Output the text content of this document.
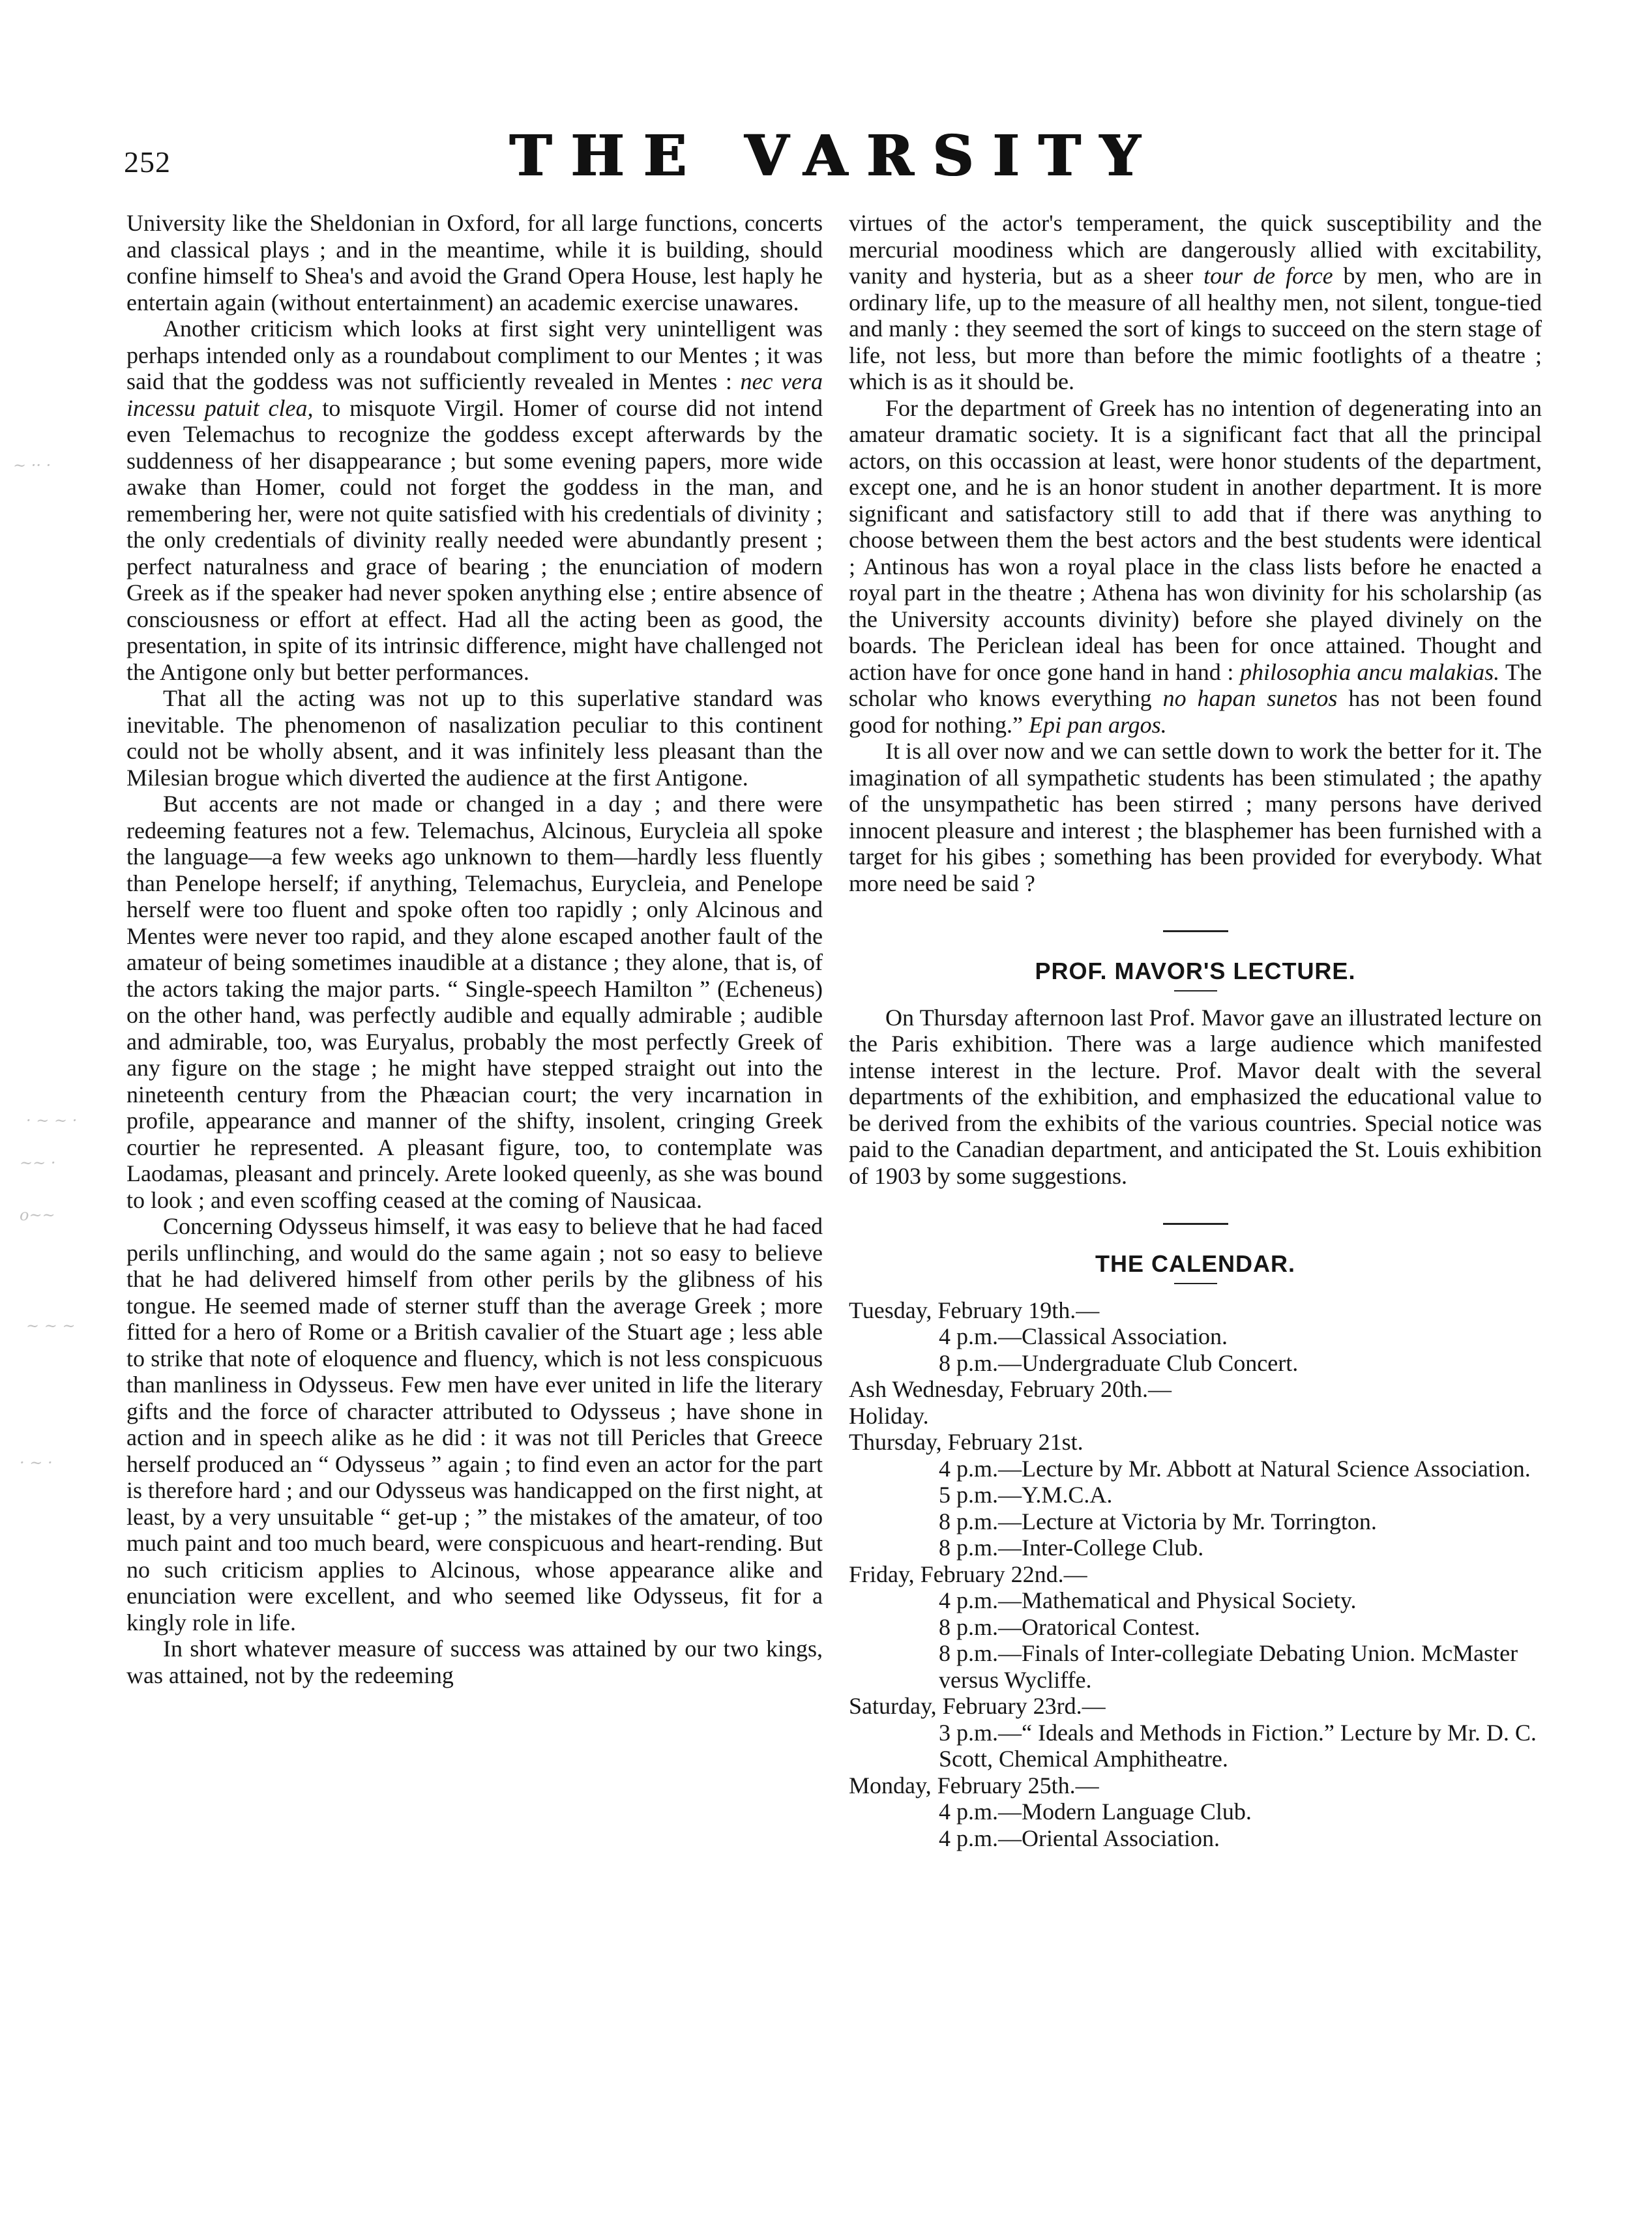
252	THE VARSITY
~ ·· ·
· ~ ~ ·
~~ ·
o~~
~ ~ ~
· ~ ·

University like the Sheldonian in Oxford, for all large functions, concerts and classical plays ; and in the meantime, while it is building, should confine himself to Shea's and avoid the Grand Opera House, lest haply he entertain again (without entertainment) an academic exercise unawares.

Another criticism which looks at first sight very unintelligent was perhaps intended only as a roundabout compliment to our Mentes ; it was said that the goddess was not sufficiently revealed in Mentes : nec vera incessu patuit clea, to misquote Virgil. Homer of course did not intend even Telemachus to recognize the goddess except afterwards by the suddenness of her disappearance ; but some evening papers, more wide awake than Homer, could not forget the goddess in the man, and remembering her, were not quite satisfied with his credentials of divinity ; the only credentials of divinity really needed were abundantly present ; perfect naturalness and grace of bearing ; the enunciation of modern Greek as if the speaker had never spoken anything else ; entire absence of consciousness or effort at effect. Had all the acting been as good, the presentation, in spite of its intrinsic difference, might have challenged not the Antigone only but better performances.

That all the acting was not up to this superlative standard was inevitable. The phenomenon of nasalization peculiar to this continent could not be wholly absent, and it was infinitely less pleasant than the Milesian brogue which diverted the audience at the first Antigone.

But accents are not made or changed in a day ; and there were redeeming features not a few. Telemachus, Alcinous, Eurycleia all spoke the language—a few weeks ago unknown to them—hardly less fluently than Penelope herself; if anything, Telemachus, Eurycleia, and Penelope herself were too fluent and spoke often too rapidly ; only Alcinous and Mentes were never too rapid, and they alone escaped another fault of the amateur of being sometimes inaudible at a distance ; they alone, that is, of the actors taking the major parts. “ Single-speech Hamilton ” (Echeneus) on the other hand, was perfectly audible and equally admirable ; audible and admirable, too, was Euryalus, probably the most perfectly Greek of any figure on the stage ; he might have stepped straight out into the nineteenth century from the Phæacian court; the very incarnation in profile, appearance and manner of the shifty, insolent, cringing Greek courtier he represented. A pleasant figure, too, to contemplate was Laodamas, pleasant and princely. Arete looked queenly, as she was bound to look ; and even scoffing ceased at the coming of Nausicaa.

Concerning Odysseus himself, it was easy to believe that he had faced perils unflinching, and would do the same again ; not so easy to believe that he had delivered himself from other perils by the glibness of his tongue. He seemed made of sterner stuff than the average Greek ; more fitted for a hero of Rome or a British cavalier of the Stuart age ; less able to strike that note of eloquence and fluency, which is not less conspicuous than manliness in Odysseus. Few men have ever united in life the literary gifts and the force of character attributed to Odysseus ; have shone in action and in speech alike as he did : it was not till Pericles that Greece herself produced an “ Odysseus ” again ; to find even an actor for the part is therefore hard ; and our Odysseus was handicapped on the first night, at least, by a very unsuitable “ get-up ; ” the mistakes of the amateur, of too much paint and too much beard, were conspicuous and heart-rending. But no such criticism applies to Alcinous, whose appearance alike and enunciation were excellent, and who seemed like Odysseus, fit for a kingly role in life.

In short whatever measure of success was attained by our two kings, was attained, not by the redeeming

virtues of the actor's temperament, the quick susceptibility and the mercurial moodiness which are dangerously allied with excitability, vanity and hysteria, but as a sheer tour de force by men, who are in ordinary life, up to the measure of all healthy men, not silent, tongue-tied and manly : they seemed the sort of kings to succeed on the stern stage of life, not less, but more than before the mimic footlights of a theatre ; which is as it should be.

For the department of Greek has no intention of degenerating into an amateur dramatic society. It is a significant fact that all the principal actors, on this occassion at least, were honor students of the department, except one, and he is an honor student in another department. It is more significant and satisfactory still to add that if there was anything to choose between them the best actors and the best students were identical ; Antinous has won a royal place in the class lists before he enacted a royal part in the theatre ; Athena has won divinity for his scholarship (as the University accounts divinity) before she played divinely on the boards. The Periclean ideal has been for once attained. Thought and action have for once gone hand in hand : philosophia ancu malakias. The scholar who knows everything no hapan sunetos has not been found good for nothing.” Epi pan argos.

It is all over now and we can settle down to work the better for it. The imagination of all sympathetic students has been stimulated ; the apathy of the unsympathetic has been stirred ; many persons have derived innocent pleasure and interest ; the blasphemer has been furnished with a target for his gibes ; something has been provided for everybody. What more need be said ?

PROF. MAVOR'S LECTURE.

On Thursday afternoon last Prof. Mavor gave an illustrated lecture on the Paris exhibition. There was a large audience which manifested intense interest in the lecture. Prof. Mavor dealt with the several departments of the exhibition, and emphasized the educational value to be derived from the exhibits of the various countries. Special notice was paid to the Canadian department, and anticipated the St. Louis exhibition of 1903 by some suggestions.

THE CALENDAR.

Tuesday, February 19th.—

4 p.m.—Classical Association.

8 p.m.—Undergraduate Club Concert.

Ash Wednesday, February 20th.—

Holiday.

Thursday, February 21st.

4 p.m.—Lecture by Mr. Abbott at Natural Science Association.

5 p.m.—Y.M.C.A.

8 p.m.—Lecture at Victoria by Mr. Torrington.

8 p.m.—Inter-College Club.

Friday, February 22nd.—

4 p.m.—Mathematical and Physical Society.

8 p.m.—Oratorical Contest.

8 p.m.—Finals of Inter-collegiate Debating Union. McMaster versus Wycliffe.

Saturday, February 23rd.—

3 p.m.—“ Ideals and Methods in Fiction.” Lecture by Mr. D. C. Scott, Chemical Amphitheatre.

Monday, February 25th.—

4 p.m.—Modern Language Club.

4 p.m.—Oriental Association.
